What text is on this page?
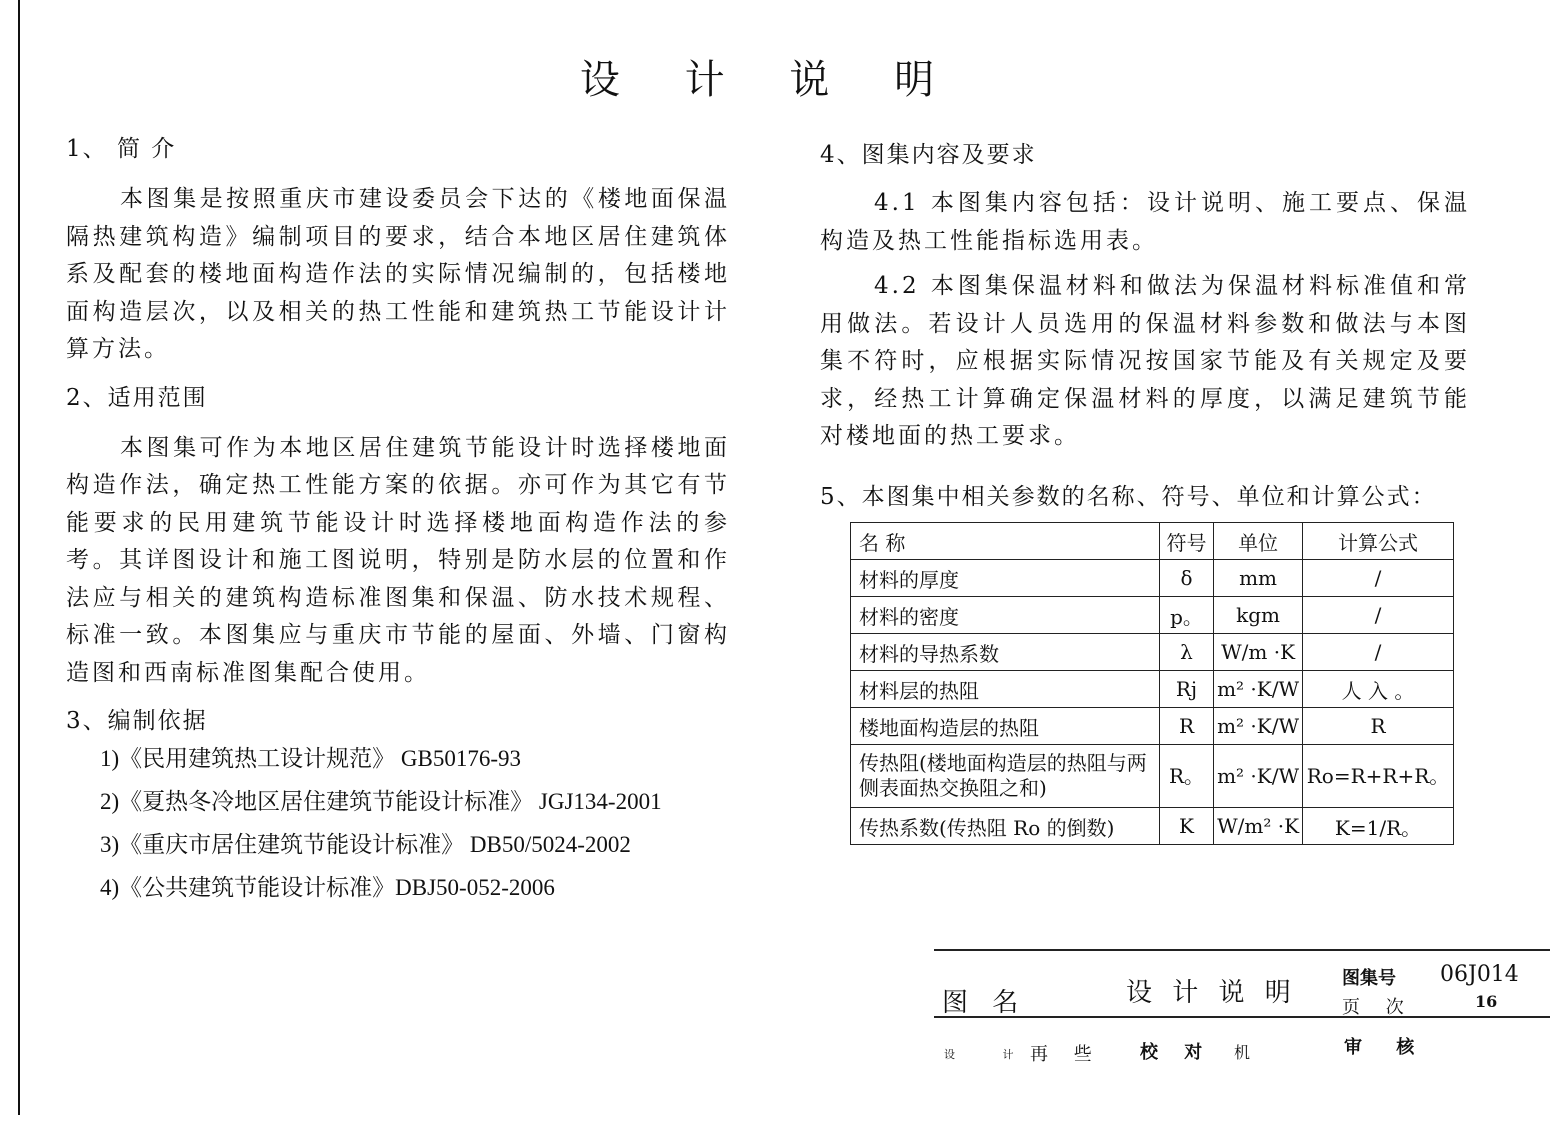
设 计 说 明

1、 简 介

本图集是按照重庆市建设委员会下达的《楼地面保温隔热建筑构造》编制项目的要求，结合本地区居住建筑体系及配套的楼地面构造作法的实际情况编制的，包括楼地面构造层次，以及相关的热工性能和建筑热工节能设计计算方法。

2、适用范围

本图集可作为本地区居住建筑节能设计时选择楼地面构造作法，确定热工性能方案的依据。亦可作为其它有节能要求的民用建筑节能设计时选择楼地面构造作法的参考。其详图设计和施工图说明，特别是防水层的位置和作法应与相关的建筑构造标准图集和保温、防水技术规程、标准一致。本图集应与重庆市节能的屋面、外墙、门窗构造图和西南标准图集配合使用。

3、编制依据

1)《民用建筑热工设计规范》 GB50176-93
2)《夏热冬冷地区居住建筑节能设计标准》 JGJ134-2001
3)《重庆市居住建筑节能设计标准》 DB50/5024-2002
4)《公共建筑节能设计标准》DBJ50-052-2006

4、图集内容及要求

4.1 本图集内容包括：设计说明、施工要点、保温 构造及热工性能指标选用表。

4.2 本图集保温材料和做法为保温材料标准值和常 用做法。若设计人员选用的保温材料参数和做法与本图 集不符时，应根据实际情况按国家节能及有关规定及要 求，经热工计算确定保温材料的厚度，以满足建筑节能 对楼地面的热工要求。

5、本图集中相关参数的名称、符号、单位和计算公式：

名 称	符号	单位	计算公式
材料的厚度	δ	mm	/
材料的密度	p。	kgm	/
材料的导热系数	λ	W/m ·K	/
材料层的热阻	Rj	m² ·K/W	人 入 。
楼地面构造层的热阻	R	m² ·K/W	R
传热阻(楼地面构造层的热阻与两侧表面热交换阻之和)	R。	m² ·K/W	Ro=R+R+R。
传热系数(传热阻 Ro 的倒数)	K	W/m² ·K	K=1/R。
图 名	设 计 说 明	图集号 06J014
页 次	16
设 计
再 些 校 对 机	审 核
